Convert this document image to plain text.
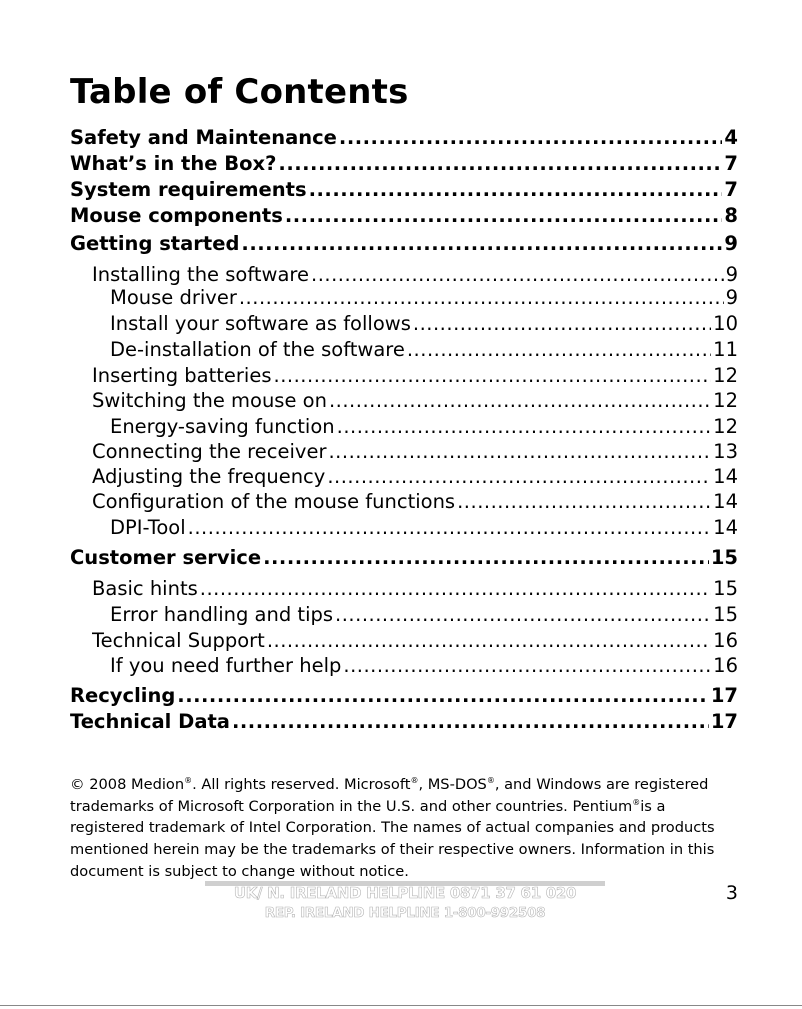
Table of Contents
Safety and Maintenance .....	4
What’s in the Box? .....	7
System requirements .....	7
Mouse components .....	8
Getting started .....	9
Installing the software .....	9
Mouse driver .....	9
Install your software as follows .....	10
De-installation of the software .....	11
Inserting batteries .....	12
Switching the mouse on .....	12
Energy-saving function .....	12
Connecting the receiver .....	13
Adjusting the frequency .....	14
Configuration of the mouse functions .....	14
DPI-Tool .....	14
Customer service .....	15
Basic hints .....	15
Error handling and tips .....	15
Technical Support .....	16
If you need further help .....	16
Recycling .....	17
Technical Data .....	17
© 2008 Medion®. All rights reserved. Microsoft®, MS-DOS®, and Windows are registered trademarks of Microsoft Corporation in the U.S. and other countries. Pentium®is a registered trademark of Intel Corporation. The names of actual companies and products mentioned herein may be the trademarks of their respective owners. Information in this document is subject to change without notice.
UK/ N. IRELAND HELPLINE 0871 37 61 020
REP. IRELAND HELPLINE 1-800-992508
3
